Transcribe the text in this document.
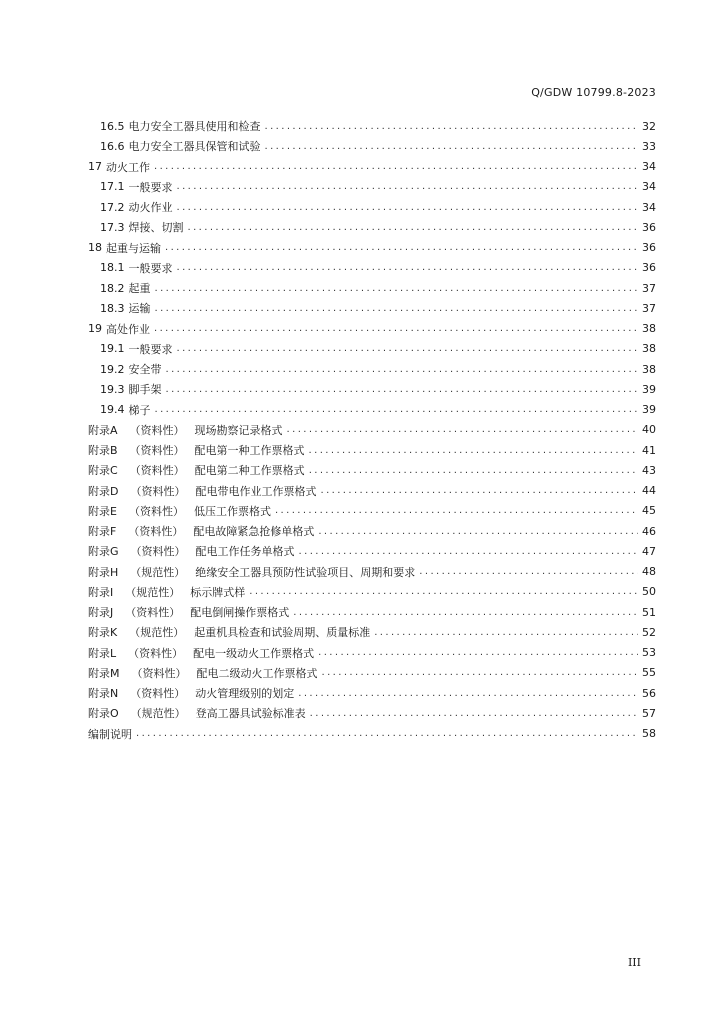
Q/GDW 10799.8-2023
16.5 电力安全工器具使用和检查 .....	32
16.6 电力安全工器具保管和试验 .....	33
17 动火工作 .....	34
17.1 一般要求 .....	34
17.2 动火作业 .....	34
17.3 焊接、切割 .....	36
18 起重与运输 .....	36
18.1 一般要求 .....	36
18.2 起重 .....	37
18.3 运输 .....	37
19 高处作业 .....	38
19.1 一般要求 .....	38
19.2 安全带 .....	38
19.3 脚手架 .....	39
19.4 梯子 .....	39
附录A （资料性） 现场勘察记录格式 .....	40
附录B （资料性） 配电第一种工作票格式 .....	41
附录C （资料性） 配电第二种工作票格式 .....	43
附录D （资料性） 配电带电作业工作票格式 .....	44
附录E （资料性） 低压工作票格式 .....	45
附录F （资料性） 配电故障紧急抢修单格式 .....	46
附录G （资料性） 配电工作任务单格式 .....	47
附录H （规范性） 绝缘安全工器具预防性试验项目、周期和要求 .....	48
附录I （规范性） 标示牌式样 .....	50
附录J （资料性） 配电倒闸操作票格式 .....	51
附录K （规范性） 起重机具检查和试验周期、质量标准 .....	52
附录L （资料性） 配电一级动火工作票格式 .....	53
附录M （资料性） 配电二级动火工作票格式 .....	55
附录N （资料性） 动火管理级别的划定 .....	56
附录O （规范性） 登高工器具试验标准表 .....	57
编制说明 .....	58
III
